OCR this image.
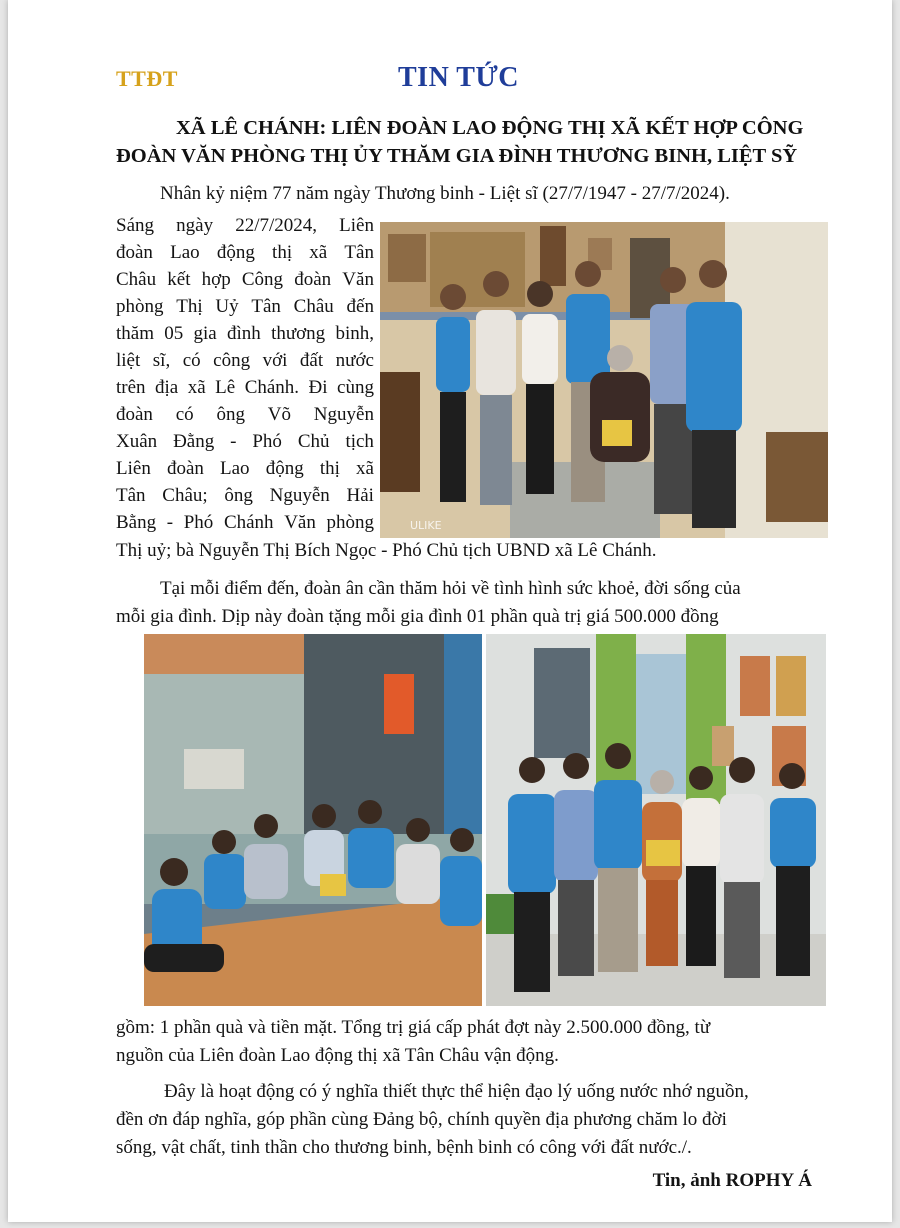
TTĐT	TIN TỨC
XÃ LÊ CHÁNH: LIÊN ĐOÀN LAO ĐỘNG THỊ XÃ KẾT HỢP CÔNG
ĐOÀN VĂN PHÒNG THỊ ỦY THĂM GIA ĐÌNH THƯƠNG BINH, LIỆT SỸ
Nhân kỷ niệm 77 năm ngày Thương binh - Liệt sĩ (27/7/1947 - 27/7/2024).
Sáng ngày 22/7/2024, Liên
đoàn Lao động thị xã Tân
Châu kết hợp Công đoàn Văn
phòng Thị Uỷ Tân Châu đến
thăm 05 gia đình thương binh,
liệt sĩ, có công với đất nước
trên địa xã Lê Chánh. Đi cùng
đoàn có ông Võ Nguyễn
Xuân Đằng - Phó Chủ tịch
Liên đoàn Lao động thị xã
Tân Châu; ông Nguyễn Hải
Bằng - Phó Chánh Văn phòng
Thị uỷ; bà Nguyễn Thị Bích Ngọc - Phó Chủ tịch UBND xã Lê Chánh.
ULIKE
Tại mỗi điểm đến, đoàn ân cần thăm hỏi về tình hình sức khoẻ, đời sống của
mỗi gia đình. Dịp này đoàn tặng mỗi gia đình 01 phần quà trị giá 500.000 đồng
gồm: 1 phần quà và tiền mặt. Tổng trị giá cấp phát đợt này 2.500.000 đồng, từ
nguồn của Liên đoàn Lao động thị xã Tân Châu vận động.
Đây là hoạt động có ý nghĩa thiết thực thể hiện đạo lý uống nước nhớ nguồn,
đền ơn đáp nghĩa, góp phần cùng Đảng bộ, chính quyền địa phương chăm lo đời
sống, vật chất, tinh thần cho thương binh, bệnh binh có công với đất nước./.
Tin, ảnh ROPHY Á
